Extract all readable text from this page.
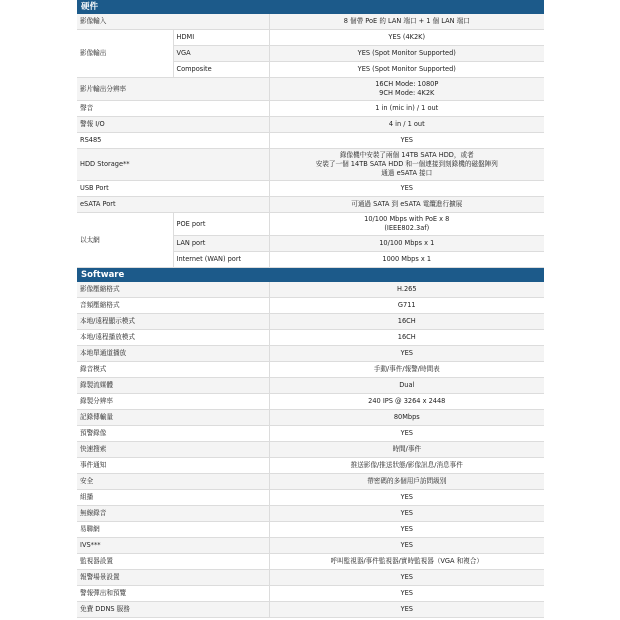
硬件		
影像輸入		8 個帶 PoE 的 LAN 端口 + 1 個 LAN 端口
影像輸出	HDMI	YES (4K2K)
	VGA	YES (Spot Monitor Supported)
	Composite	YES (Spot Monitor Supported)
影片輸出分辨率		16CH Mode: 1080P
9CH Mode: 4K2K

聲音		1 in (mic in) / 1 out
警報 I/O		4 in / 1 out
RS485		YES
HDD Storage**		錄像機中安裝了兩個 14TB SATA HDD，或者
安裝了一個 14TB SATA HDD 和一個連接到刻錄機的磁盤陣列
通過 eSATA 接口

USB Port		YES
eSATA Port		可通過 SATA 到 eSATA 電纜進行擴展
以太網	POE port	10/100 Mbps with PoE x 8
(IEEE802.3af)

	LAN port	10/100 Mbps x 1
	Internet (WAN) port	1000 Mbps x 1
Software		
影像壓縮格式		H.265
音頻壓縮格式		G711
本地/遠程顯示模式		16CH
本地/遠程播放模式		16CH
本地單通道播放		YES
錄音模式		手動/事件/報警/時間表
錄製流媒體		Dual
錄製分辨率		240 IPS @ 3264 x 2448
記錄傳輸量		80Mbps
預警錄像		YES
快速搜索		時間/事件
事件通知		推送影像/推送狀態/影像訊息/消息事件
安全		帶密碼的多個用戶訪問級別
組播		YES
無線錄音		YES
易聯網		YES
IVS***		YES
監視器設置		呼叫監視器/事件監視器/實時監視器（VGA 和複合）
報警場景設置		YES
警報彈出和預覽		YES
免費 DDNS 服務		YES
